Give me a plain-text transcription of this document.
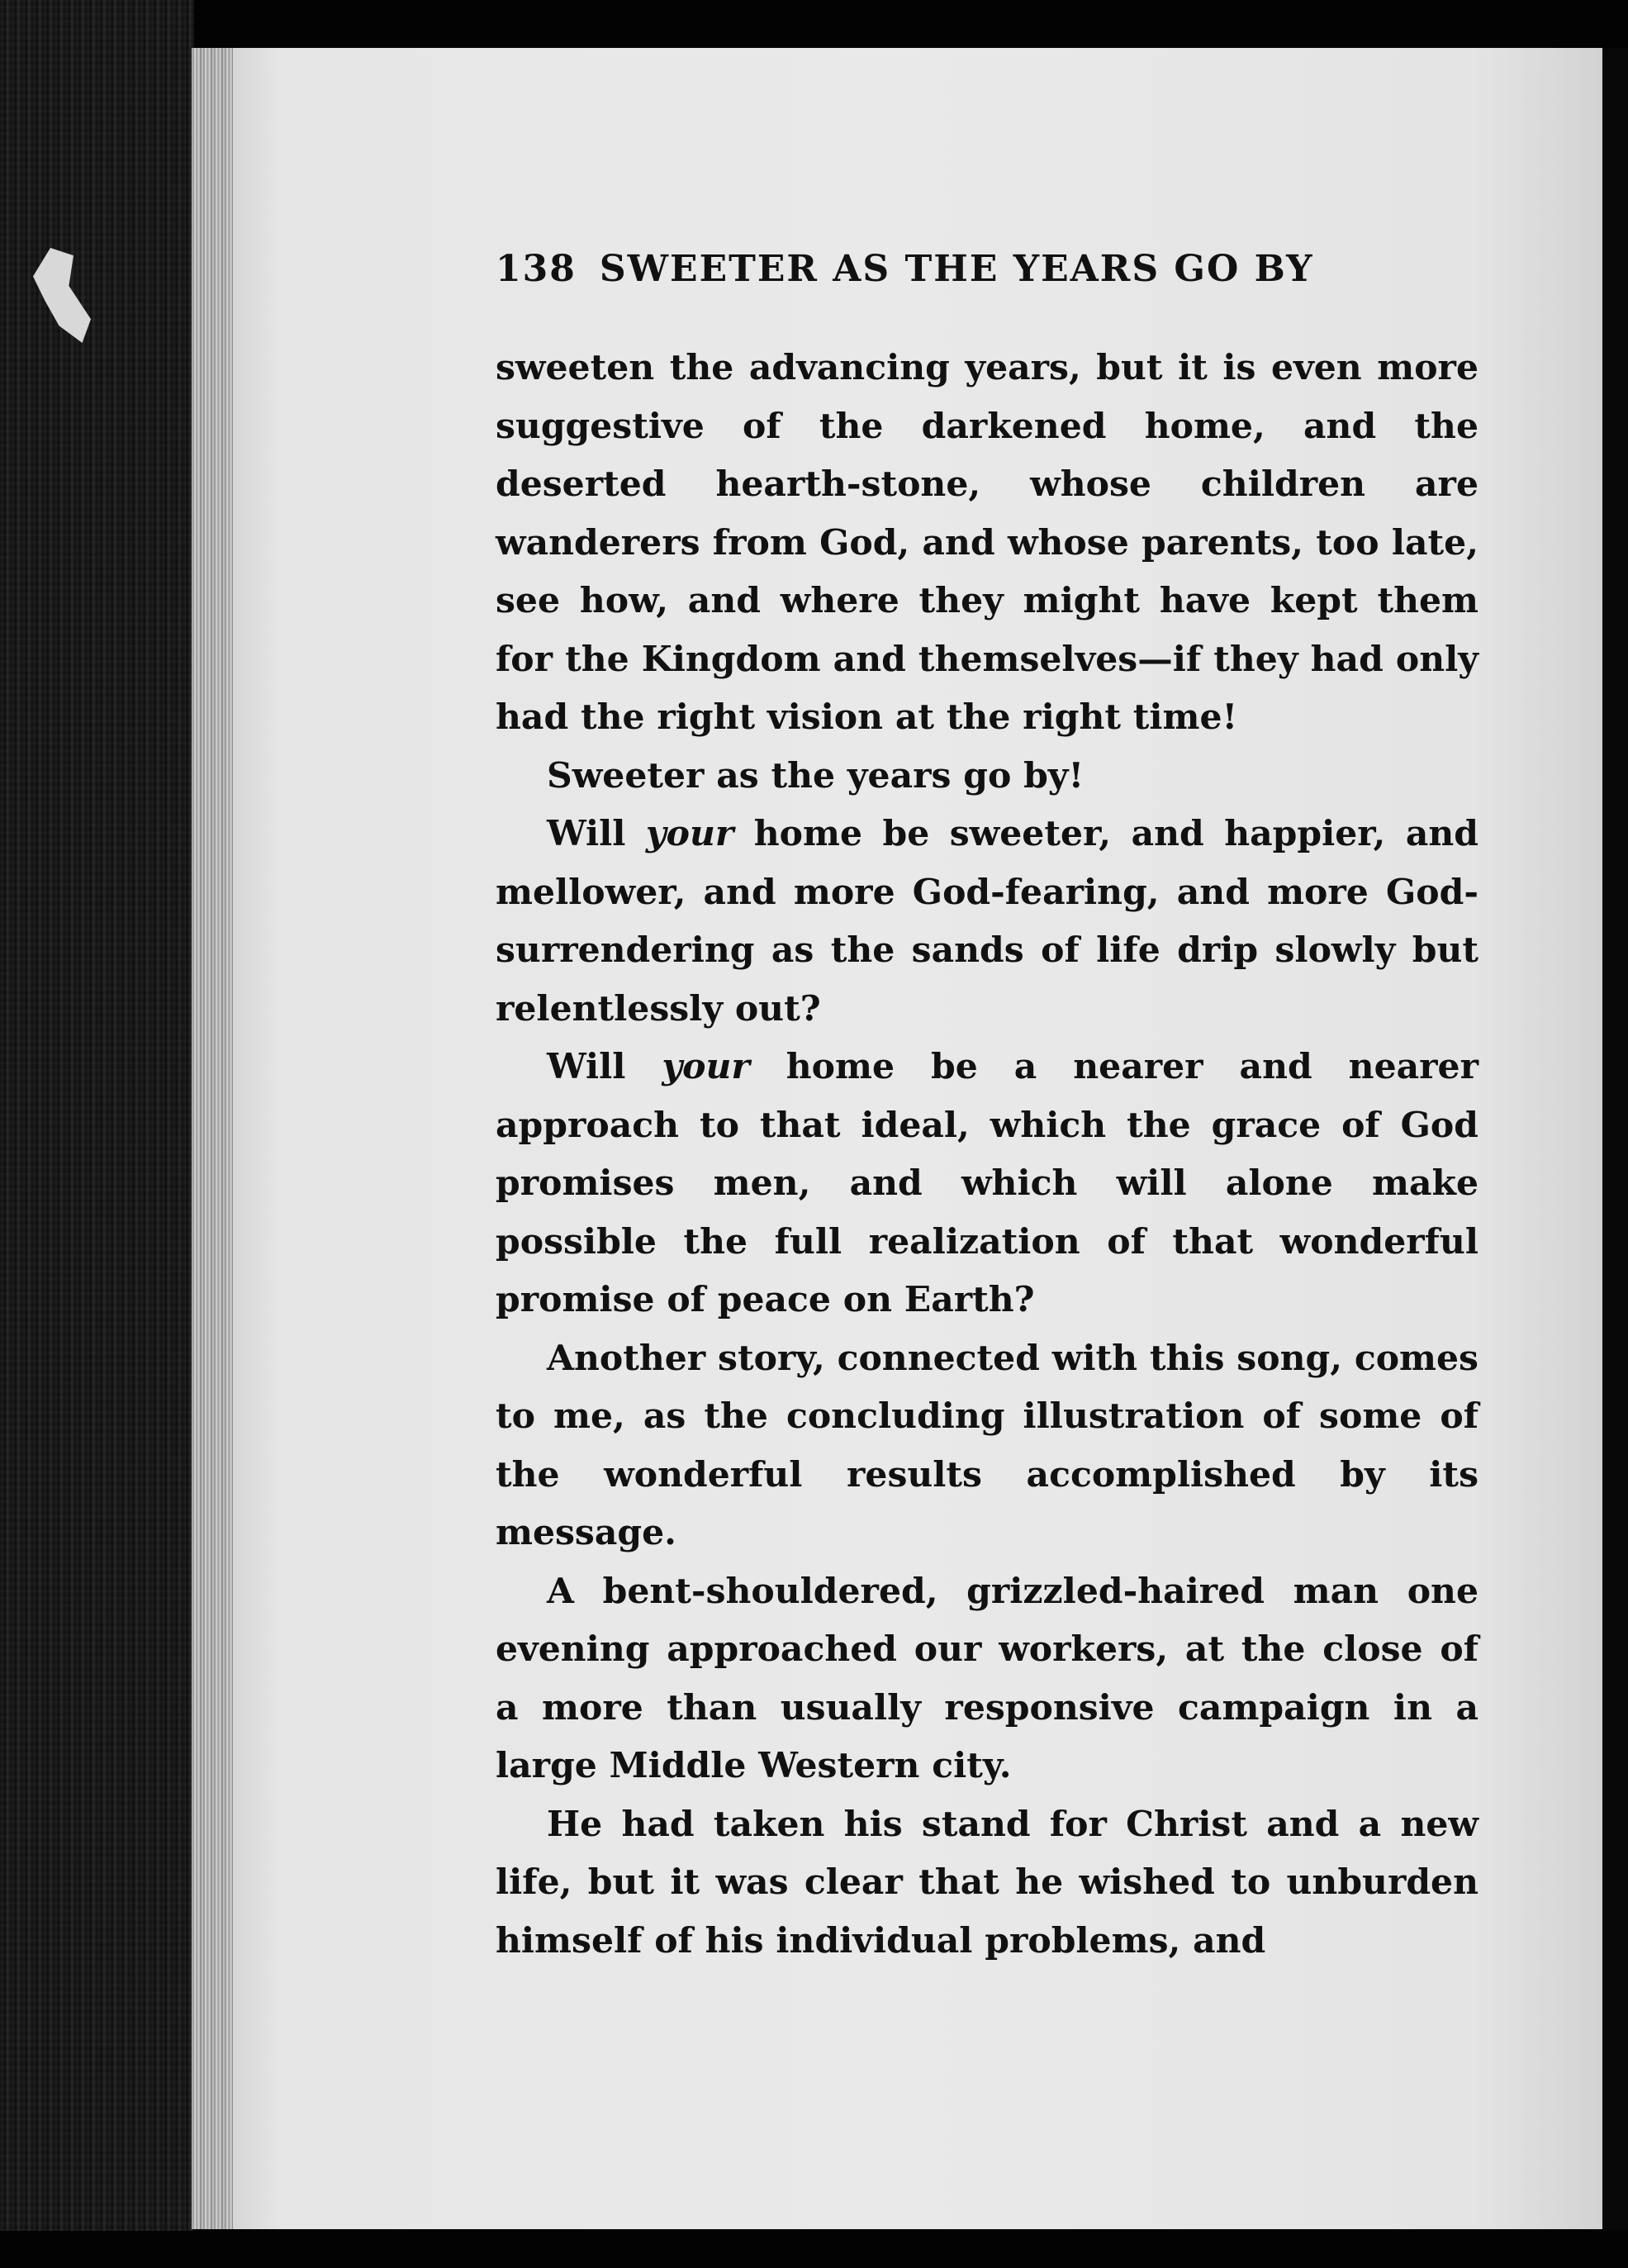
138 SWEETER AS THE YEARS GO BY

sweeten the advancing years, but it is even more suggestive of the darkened home, and the deserted hearth-stone, whose children are wanderers from God, and whose parents, too late, see how, and where they might have kept them for the Kingdom and themselves—if they had only had the right vision at the right time!

Sweeter as the years go by!

Will your home be sweeter, and happier, and mellower, and more God-fearing, and more God-surrendering as the sands of life drip slowly but relentlessly out?

Will your home be a nearer and nearer approach to that ideal, which the grace of God promises men, and which will alone make possible the full realization of that wonderful promise of peace on Earth?

Another story, connected with this song, comes to me, as the concluding illustration of some of the wonderful results accomplished by its message.

A bent-shouldered, grizzled-haired man one evening approached our workers, at the close of a more than usually responsive campaign in a large Middle Western city.

He had taken his stand for Christ and a new life, but it was clear that he wished to unburden himself of his individual problems, and
